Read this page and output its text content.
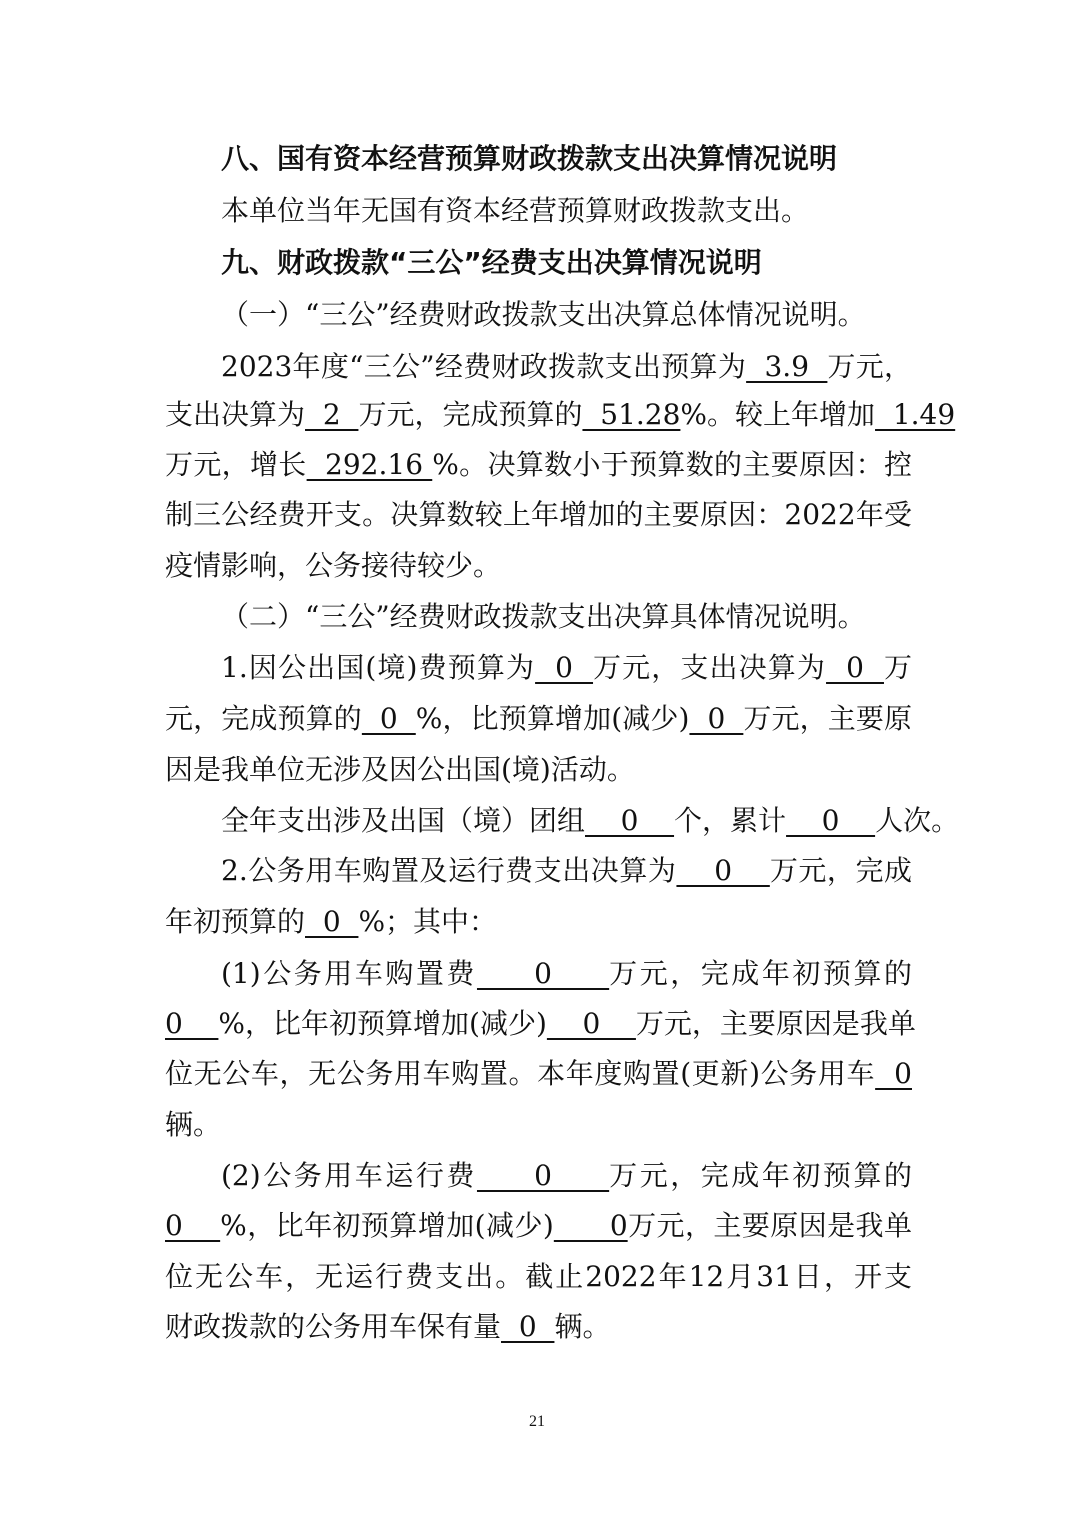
八、国有资本经营预算财政拨款支出决算情况说明
本单位当年无国有资本经营预算财政拨款支出。
九、财政拨款“三公”经费支出决算情况说明
（一）“三公”经费财政拨款支出决算总体情况说明。
2023年度“三公”经费财政拨款支出预算为  3.9  万元，
支出决算为  2  万元，完成预算的  51.28%。较上年增加  1.49
万元，增长  292.16 %。决算数小于预算数的主要原因：控
制三公经费开支。决算数较上年增加的主要原因：2022年受
疫情影响，公务接待较少。
（二）“三公”经费财政拨款支出决算具体情况说明。
1.因公出国(境)费预算为  0  万元，支出决算为  0  万
元，完成预算的  0  %，比预算增加(减少)  0  万元，主要原
因是我单位无涉及因公出国(境)活动。
全年支出涉及出国（境）团组    0    个，累计    0    人次。
2.公务用车购置及运行费支出决算为    0    万元，完成
年初预算的  0  %；其中：
(1)公务用车购置费     0     万元，完成年初预算的
0    %，比年初预算增加(减少)    0    万元，主要原因是我单
位无公车，无公务用车购置。本年度购置(更新)公务用车  0
辆。
(2)公务用车运行费     0     万元，完成年初预算的
0    %，比年初预算增加(减少)      0万元，主要原因是我单
位无公车，无运行费支出。截止2022年12月31日，开支
财政拨款的公务用车保有量  0  辆。
21
